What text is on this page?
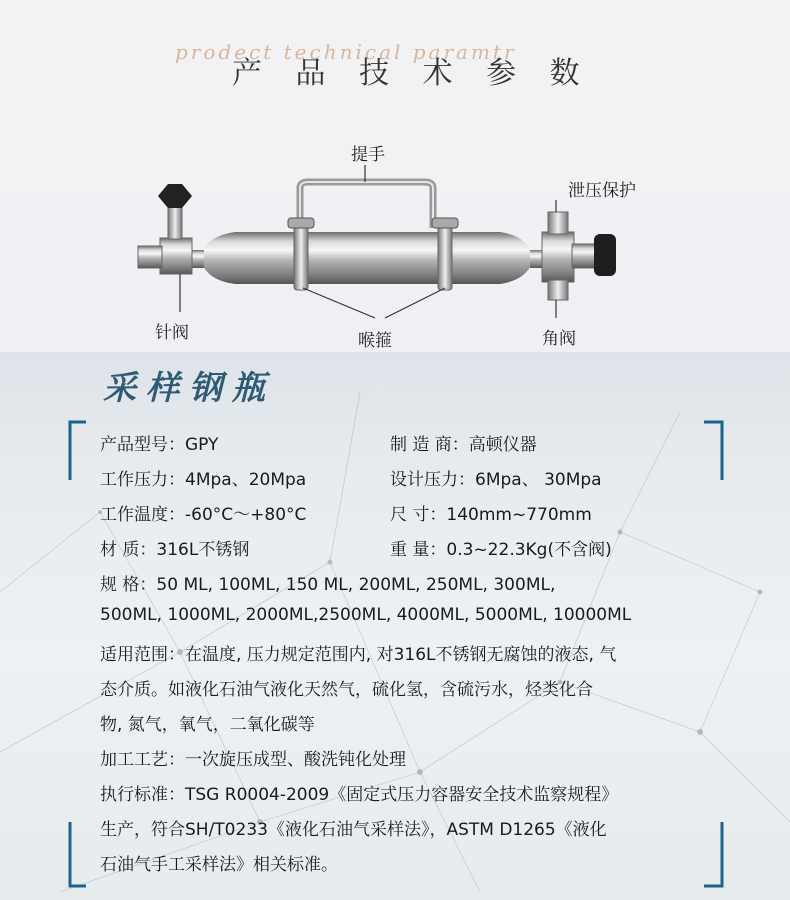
prodect technical paramtr
产 品 技 术 参 数
提手
泄压保护
针阀	喉箍	角阀
采样钢瓶
产品型号：GPY	制 造 商：高顿仪器
工作压力：4Mpa、20Mpa	设计压力：6Mpa、 30Mpa
工作温度：-60°C～+80°C	尺 寸：140mm~770mm
材 质：316L不锈钢	重 量：0.3~22.3Kg(不含阀)
规 格：50 ML, 100ML, 150 ML, 200ML, 250ML, 300ML,
500ML, 1000ML, 2000ML,2500ML, 4000ML, 5000ML, 10000ML
适用范围：在温度, 压力规定范围内, 对316L不锈钢无腐蚀的液态, 气
态介质。如液化石油气液化天然气，硫化氢，含硫污水，烃类化合
物, 氮气，氧气，二氧化碳等
加工工艺：一次旋压成型、酸洗钝化处理
执行标准：TSG R0004-2009《固定式压力容器安全技术监察规程》
生产，符合SH/T0233《液化石油气采样法》，ASTM D1265《液化
石油气手工采样法》相关标准。
